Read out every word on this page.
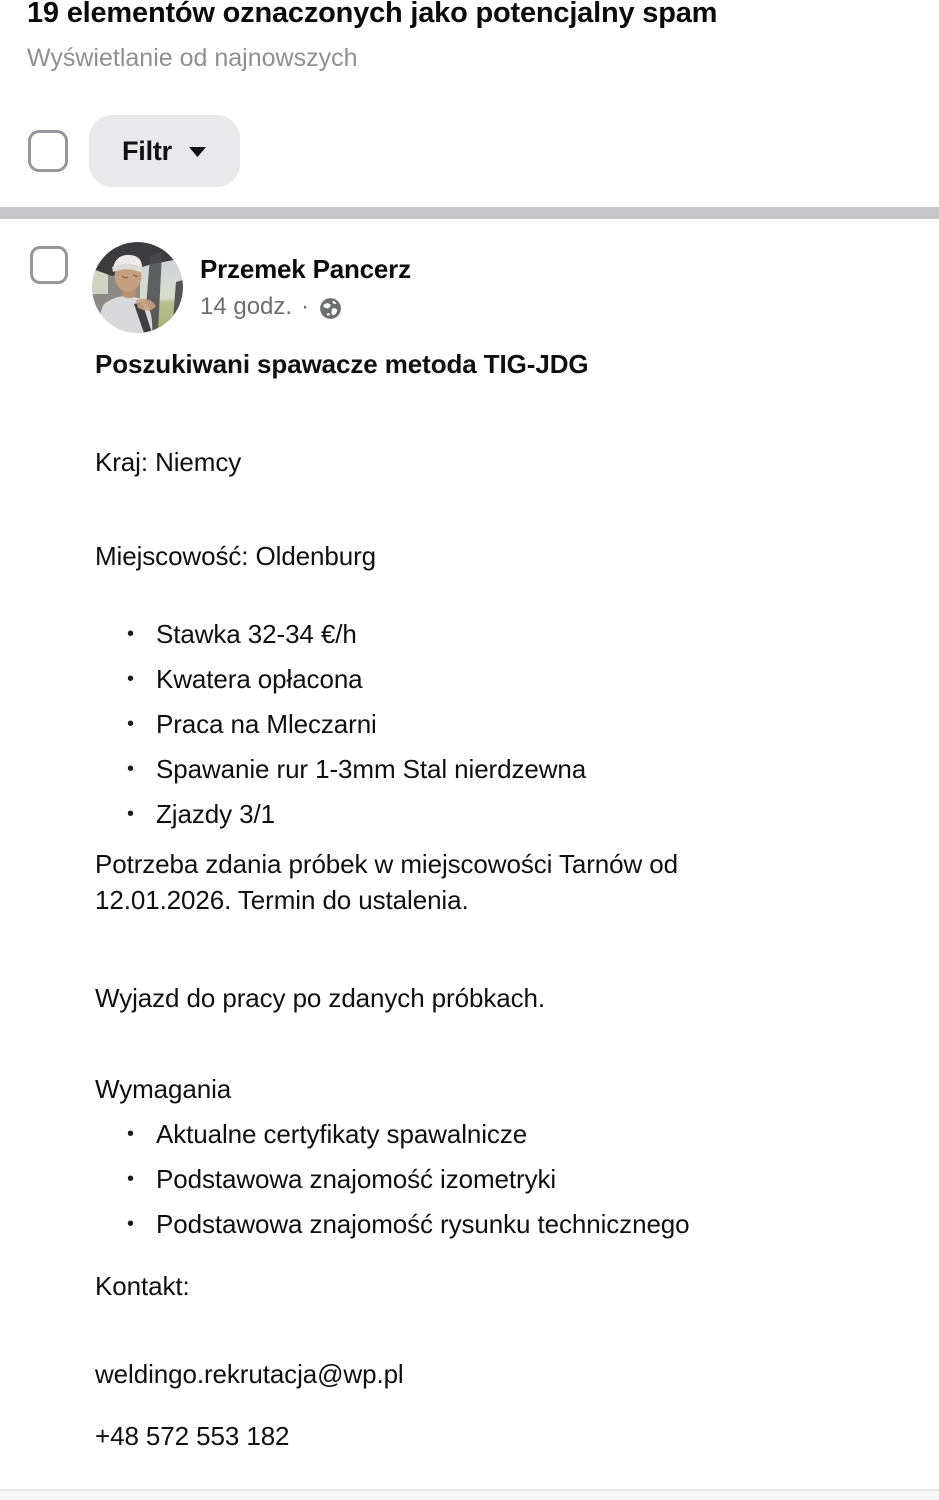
19 elementów oznaczonych jako potencjalny spam
Wyświetlanie od najnowszych
Filtr
Przemek Pancerz
14 godz. ·

Poszukiwani spawacze metoda TIG-JDG

Kraj: Niemcy

Miejscowość: Oldenburg

• Stawka 32-34 €/h
• Kwatera opłacona
• Praca na Mleczarni
• Spawanie rur 1-3mm Stal nierdzewna
• Zjazdy 3/1

Potrzeba zdania próbek w miejscowości Tarnów od 12.01.2026. Termin do ustalenia.

Wyjazd do pracy po zdanych próbkach.

Wymagania

• Aktualne certyfikaty spawalnicze
• Podstawowa znajomość izometryki
• Podstawowa znajomość rysunku technicznego

Kontakt:

weldingo.rekrutacja@wp.pl

+48 572 553 182
